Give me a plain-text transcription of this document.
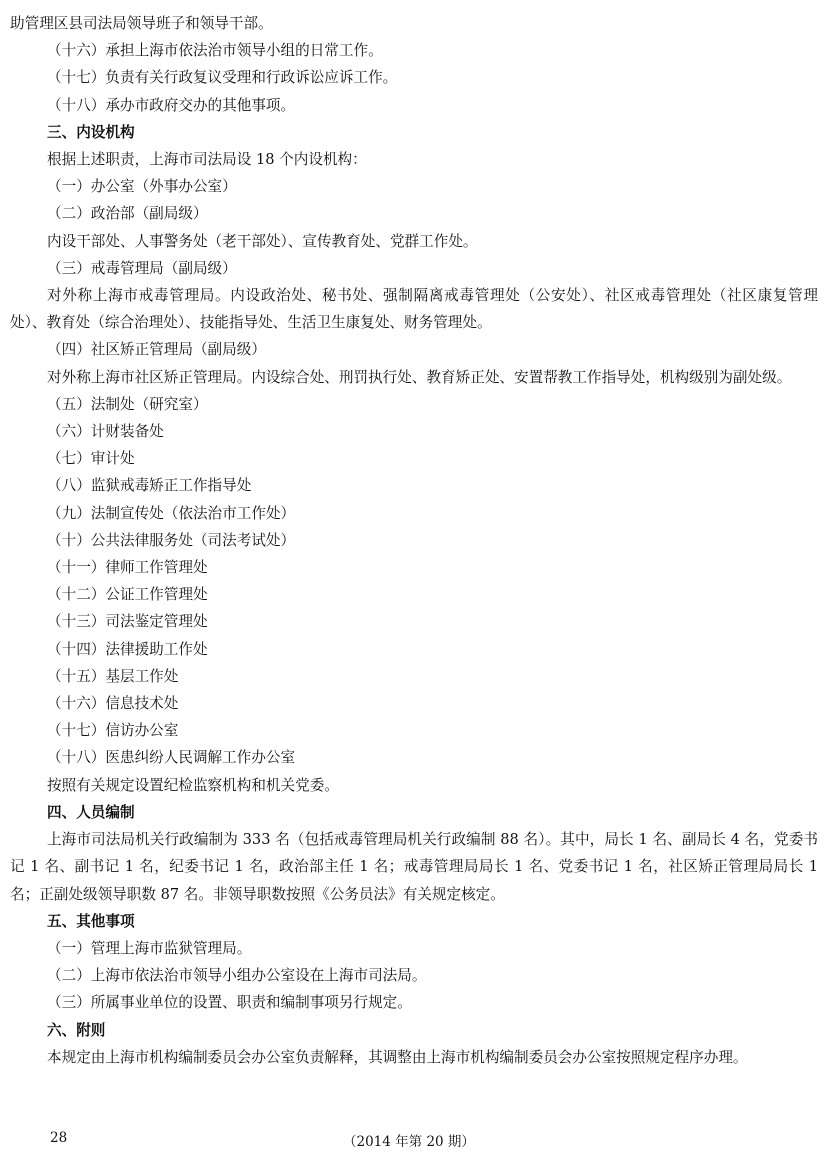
助管理区县司法局领导班子和领导干部。

（十六）承担上海市依法治市领导小组的日常工作。

（十七）负责有关行政复议受理和行政诉讼应诉工作。

（十八）承办市政府交办的其他事项。

三、内设机构

根据上述职责，上海市司法局设 18 个内设机构：

（一）办公室（外事办公室）

（二）政治部（副局级）

内设干部处、人事警务处（老干部处）、宣传教育处、党群工作处。

（三）戒毒管理局（副局级）

对外称上海市戒毒管理局。内设政治处、秘书处、强制隔离戒毒管理处（公安处）、社区戒毒管理处（社区康复管理处）、教育处（综合治理处）、技能指导处、生活卫生康复处、财务管理处。

（四）社区矫正管理局（副局级）

对外称上海市社区矫正管理局。内设综合处、刑罚执行处、教育矫正处、安置帮教工作指导处，机构级别为副处级。

（五）法制处（研究室）

（六）计财装备处

（七）审计处

（八）监狱戒毒矫正工作指导处

（九）法制宣传处（依法治市工作处）

（十）公共法律服务处（司法考试处）

（十一）律师工作管理处

（十二）公证工作管理处

（十三）司法鉴定管理处

（十四）法律援助工作处

（十五）基层工作处

（十六）信息技术处

（十七）信访办公室

（十八）医患纠纷人民调解工作办公室

按照有关规定设置纪检监察机构和机关党委。

四、人员编制

上海市司法局机关行政编制为 333 名（包括戒毒管理局机关行政编制 88 名）。其中，局长 1 名、副局长 4 名，党委书记 1 名、副书记 1 名，纪委书记 1 名，政治部主任 1 名；戒毒管理局局长 1 名、党委书记 1 名，社区矫正管理局局长 1 名；正副处级领导职数 87 名。非领导职数按照《公务员法》有关规定核定。

五、其他事项

（一）管理上海市监狱管理局。

（二）上海市依法治市领导小组办公室设在上海市司法局。

（三）所属事业单位的设置、职责和编制事项另行规定。

六、附则

本规定由上海市机构编制委员会办公室负责解释，其调整由上海市机构编制委员会办公室按照规定程序办理。

28	（2014 年第 20 期）
